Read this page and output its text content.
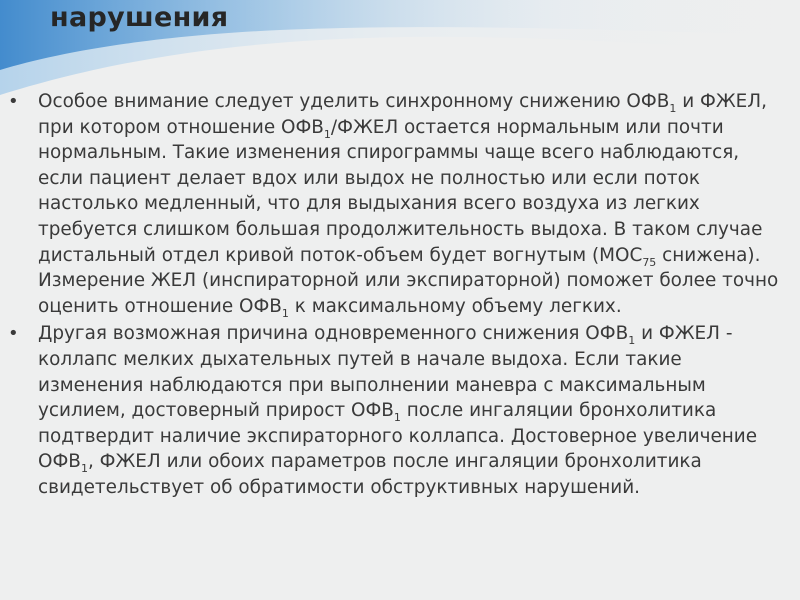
нарушения

• Особое внимание следует уделить синхронному снижению $ОФВ_1$ и ФЖЕЛ, при котором отношение $ОФВ_1$/ФЖЕЛ остается нормальным или почти нормальным. Такие изменения спирограммы чаще всего наблюдаются, если пациент делает вдох или выдох не полностью или если поток настолько медленный, что для выдыхания всего воздуха из легких требуется слишком большая продолжительность выдоха. В таком случае дистальный отдел кривой поток-объем будет вогнутым ($МОС_{75}$ снижена). Измерение ЖЕЛ (инспираторной или экспираторной) поможет более точно оценить отношение $ОФВ_1$ к максимальному объему легких.

• Другая возможная причина одновременного снижения $ОФВ_1$ и ФЖЕЛ - коллапс мелких дыхательных путей в начале выдоха. Если такие изменения наблюдаются при выполнении маневра с максимальным усилием, достоверный прирост $ОФВ_1$ после ингаляции бронхолитика подтвердит наличие экспираторного коллапса. Достоверное увеличение $ОФВ_1$, ФЖЕЛ или обоих параметров после ингаляции бронхолитика свидетельствует об обратимости обструктивных нарушений.
